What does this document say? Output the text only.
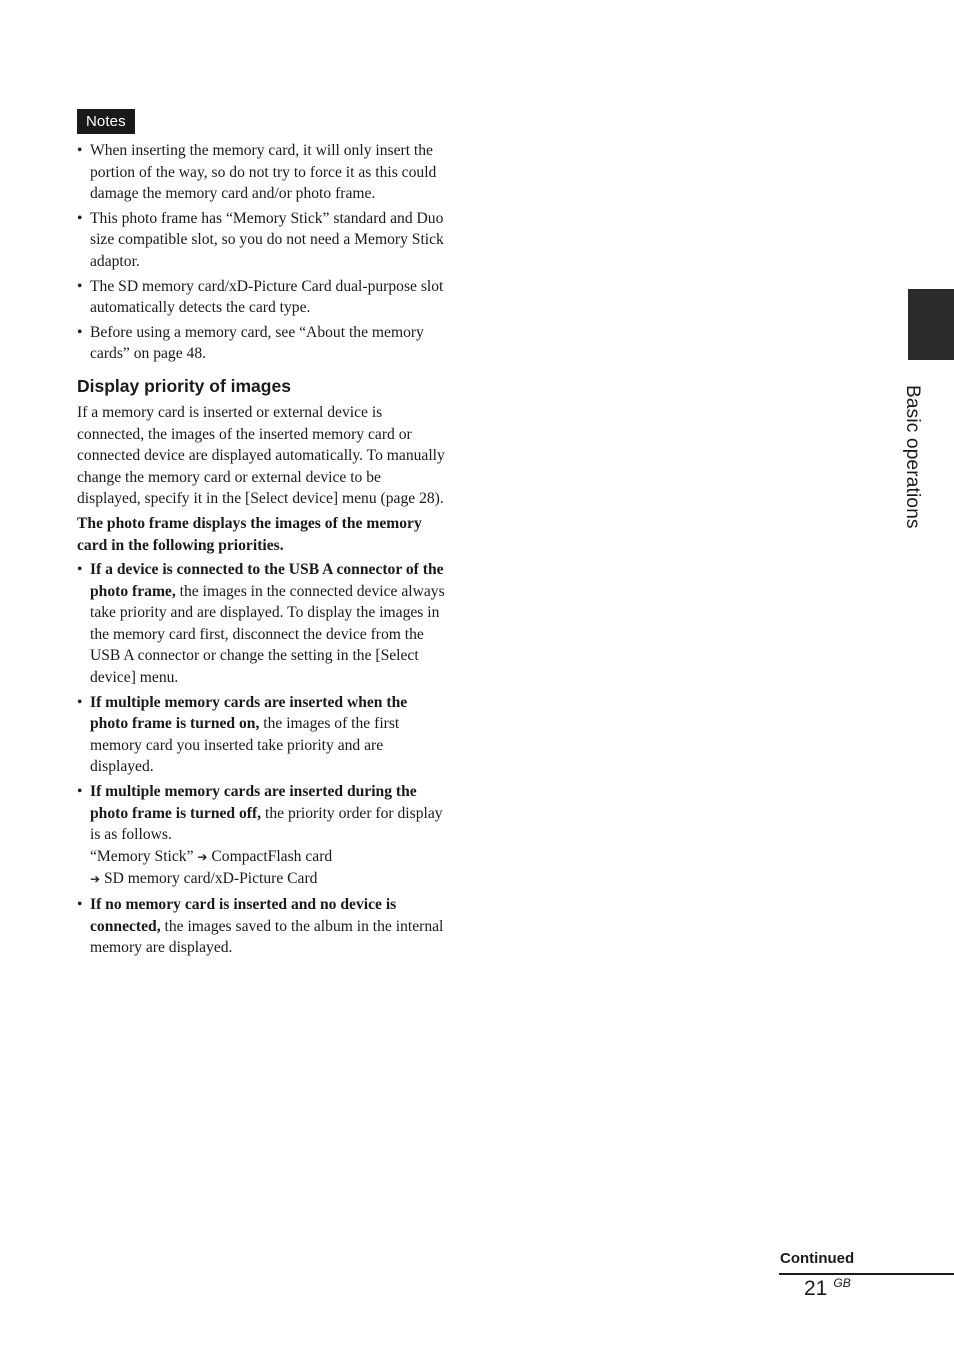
Basic operations
Notes
• When inserting the memory card, it will only insert the portion of the way, so do not try to force it as this could damage the memory card and/or photo frame.
• This photo frame has “Memory Stick” standard and Duo size compatible slot, so you do not need a Memory Stick adaptor.
• The SD memory card/xD-Picture Card dual-purpose slot automatically detects the card type.
• Before using a memory card, see “About the memory cards” on page 48.
Display priority of images

If a memory card is inserted or external device is connected, the images of the inserted memory card or connected device are displayed automatically. To manually change the memory card or external device to be displayed, specify it in the [Select device] menu (page 28).

The photo frame displays the images of the memory card in the following priorities.

• If a device is connected to the USB A connector of the photo frame, the images in the connected device always take priority and are displayed. To display the images in the memory card first, disconnect the device from the USB A connector or change the setting in the [Select device] menu.
• If multiple memory cards are inserted when the photo frame is turned on, the images of the first memory card you inserted take priority and are displayed.
• If multiple memory cards are inserted during the photo frame is turned off, the priority order for display is as follows.
“Memory Stick” ➔ CompactFlash card
➔ SD memory card/xD-Picture Card
• If no memory card is inserted and no device is connected, the images saved to the album in the internal memory are displayed.
Continued
21 $^{GB}$
